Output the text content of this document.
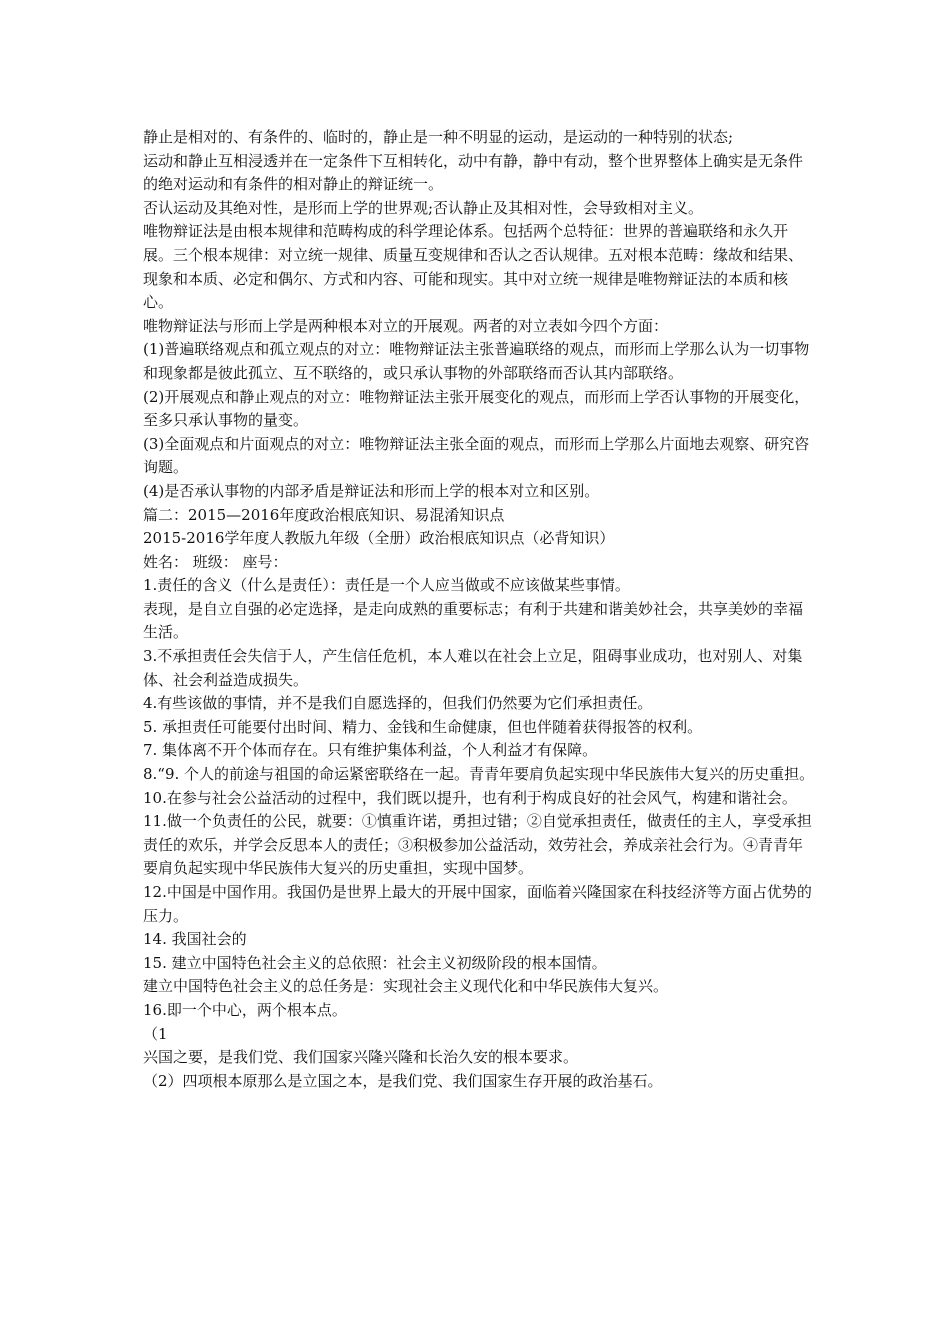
静止是相对的、有条件的、临时的，静止是一种不明显的运动，是运动的一种特别的状态;

运动和静止互相浸透并在一定条件下互相转化，动中有静，静中有动，整个世界整体上确实是无条件的绝对运动和有条件的相对静止的辩证统一。

否认运动及其绝对性，是形而上学的世界观;否认静止及其相对性，会导致相对主义。

唯物辩证法是由根本规律和范畴构成的科学理论体系。包括两个总特征：世界的普遍联络和永久开展。三个根本规律：对立统一规律、质量互变规律和否认之否认规律。五对根本范畴：缘故和结果、现象和本质、必定和偶尔、方式和内容、可能和现实。其中对立统一规律是唯物辩证法的本质和核心。

唯物辩证法与形而上学是两种根本对立的开展观。两者的对立表如今四个方面：

(1)普遍联络观点和孤立观点的对立：唯物辩证法主张普遍联络的观点，而形而上学那么认为一切事物和现象都是彼此孤立、互不联络的，或只承认事物的外部联络而否认其内部联络。

(2)开展观点和静止观点的对立：唯物辩证法主张开展变化的观点，而形而上学否认事物的开展变化，至多只承认事物的量变。

(3)全面观点和片面观点的对立：唯物辩证法主张全面的观点，而形而上学那么片面地去观察、研究咨询题。

(4)是否承认事物的内部矛盾是辩证法和形而上学的根本对立和区别。

篇二：2015—2016年度政治根底知识、易混淆知识点

2015-2016学年度人教版九年级（全册）政治根底知识点（必背知识）

姓名： 班级： 座号：

1.责任的含义（什么是责任）：责任是一个人应当做或不应该做某些事情。

表现，是自立自强的必定选择，是走向成熟的重要标志；有利于共建和谐美妙社会，共享美妙的幸福生活。

3.不承担责任会失信于人，产生信任危机，本人难以在社会上立足，阻碍事业成功，也对别人、对集体、社会利益造成损失。

4.有些该做的事情，并不是我们自愿选择的，但我们仍然要为它们承担责任。

5. 承担责任可能要付出时间、精力、金钱和生命健康，但也伴随着获得报答的权利。

7. 集体离不开个体而存在。只有维护集体利益，个人利益才有保障。

8.“9. 个人的前途与祖国的命运紧密联络在一起。青青年要肩负起实现中华民族伟大复兴的历史重担。

10.在参与社会公益活动的过程中，我们既以提升，也有利于构成良好的社会风气，构建和谐社会。

11.做一个负责任的公民，就要：①慎重许诺，勇担过错；②自觉承担责任，做责任的主人，享受承担责任的欢乐，并学会反思本人的责任；③积极参加公益活动，效劳社会，养成亲社会行为。④青青年要肩负起实现中华民族伟大复兴的历史重担，实现中国梦。

12.中国是中国作用。我国仍是世界上最大的开展中国家，面临着兴隆国家在科技经济等方面占优势的压力。

14. 我国社会的

15. 建立中国特色社会主义的总依照：社会主义初级阶段的根本国情。

建立中国特色社会主义的总任务是：实现社会主义现代化和中华民族伟大复兴。

16.即一个中心，两个根本点。

（1

兴国之要，是我们党、我们国家兴隆兴隆和长治久安的根本要求。

（2）四项根本原那么是立国之本，是我们党、我们国家生存开展的政治基石。
